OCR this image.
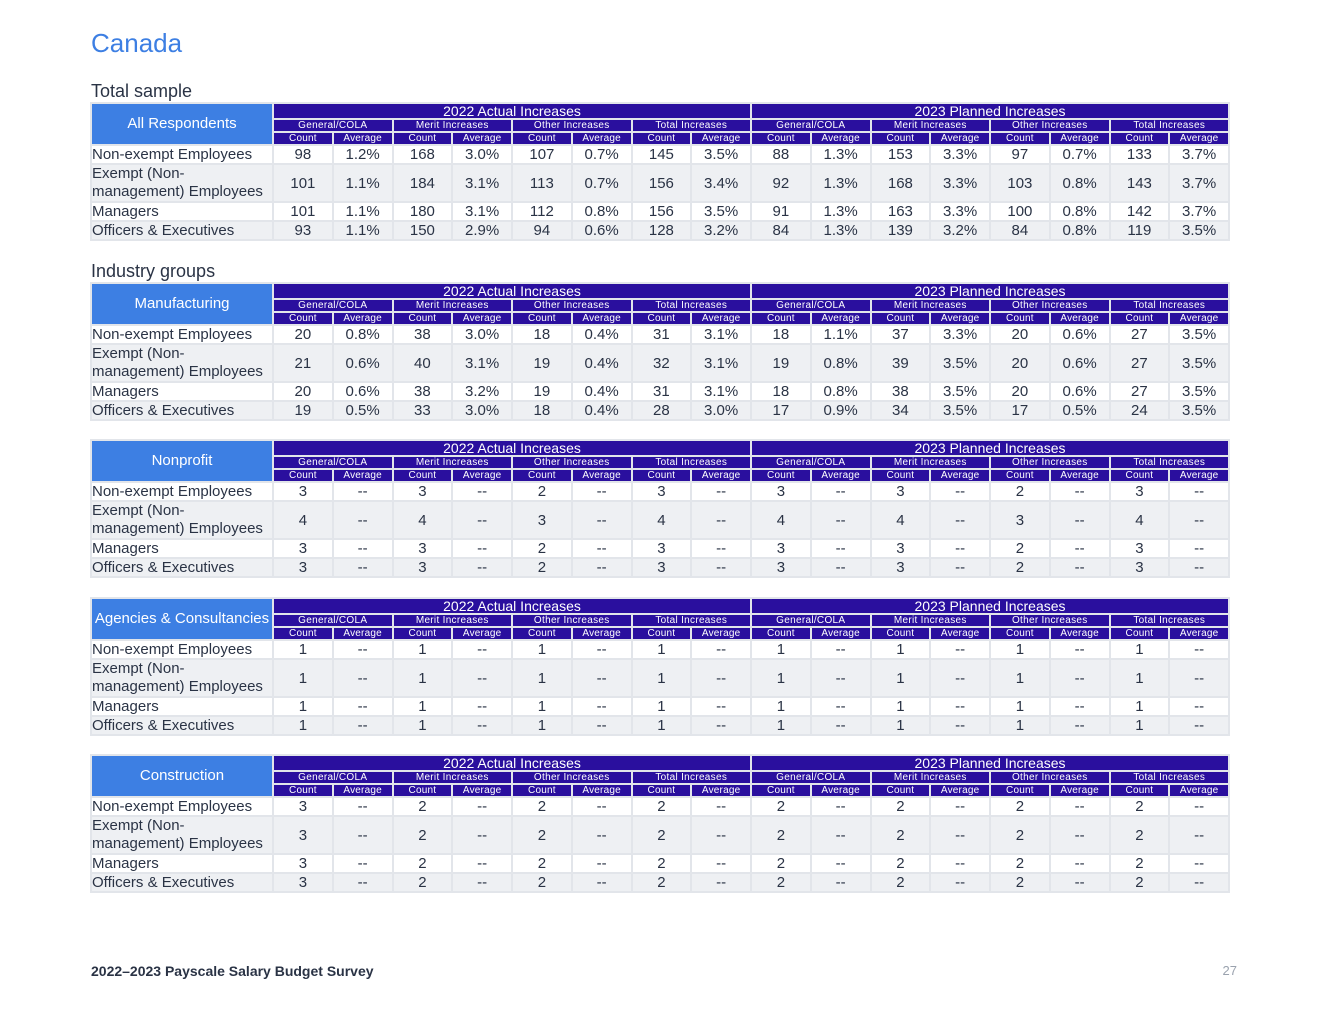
Canada
Total sample
Industry groups
All Respondents	2022 Actual Increases								2023 Planned Increases							
	General/COLA		Merit Increases		Other Increases		Total Increases		General/COLA		Merit Increases		Other Increases		Total Increases	
	Count	Average	Count	Average	Count	Average	Count	Average	Count	Average	Count	Average	Count	Average	Count	Average
Non-exempt Employees	98	1.2%	168	3.0%	107	0.7%	145	3.5%	88	1.3%	153	3.3%	97	0.7%	133	3.7%
Exempt (Non-management) Employees	101	1.1%	184	3.1%	113	0.7%	156	3.4%	92	1.3%	168	3.3%	103	0.8%	143	3.7%
Managers	101	1.1%	180	3.1%	112	0.8%	156	3.5%	91	1.3%	163	3.3%	100	0.8%	142	3.7%
Officers & Executives	93	1.1%	150	2.9%	94	0.6%	128	3.2%	84	1.3%	139	3.2%	84	0.8%	119	3.5%
Manufacturing	2022 Actual Increases								2023 Planned Increases							
	General/COLA		Merit Increases		Other Increases		Total Increases		General/COLA		Merit Increases		Other Increases		Total Increases	
	Count	Average	Count	Average	Count	Average	Count	Average	Count	Average	Count	Average	Count	Average	Count	Average
Non-exempt Employees	20	0.8%	38	3.0%	18	0.4%	31	3.1%	18	1.1%	37	3.3%	20	0.6%	27	3.5%
Exempt (Non-management) Employees	21	0.6%	40	3.1%	19	0.4%	32	3.1%	19	0.8%	39	3.5%	20	0.6%	27	3.5%
Managers	20	0.6%	38	3.2%	19	0.4%	31	3.1%	18	0.8%	38	3.5%	20	0.6%	27	3.5%
Officers & Executives	19	0.5%	33	3.0%	18	0.4%	28	3.0%	17	0.9%	34	3.5%	17	0.5%	24	3.5%
Nonprofit	2022 Actual Increases								2023 Planned Increases							
	General/COLA		Merit Increases		Other Increases		Total Increases		General/COLA		Merit Increases		Other Increases		Total Increases	
	Count	Average	Count	Average	Count	Average	Count	Average	Count	Average	Count	Average	Count	Average	Count	Average
Non-exempt Employees	3	--	3	--	2	--	3	--	3	--	3	--	2	--	3	--
Exempt (Non-management) Employees	4	--	4	--	3	--	4	--	4	--	4	--	3	--	4	--
Managers	3	--	3	--	2	--	3	--	3	--	3	--	2	--	3	--
Officers & Executives	3	--	3	--	2	--	3	--	3	--	3	--	2	--	3	--
Agencies & Consultancies	2022 Actual Increases								2023 Planned Increases							
	General/COLA		Merit Increases		Other Increases		Total Increases		General/COLA		Merit Increases		Other Increases		Total Increases	
	Count	Average	Count	Average	Count	Average	Count	Average	Count	Average	Count	Average	Count	Average	Count	Average
Non-exempt Employees	1	--	1	--	1	--	1	--	1	--	1	--	1	--	1	--
Exempt (Non-management) Employees	1	--	1	--	1	--	1	--	1	--	1	--	1	--	1	--
Managers	1	--	1	--	1	--	1	--	1	--	1	--	1	--	1	--
Officers & Executives	1	--	1	--	1	--	1	--	1	--	1	--	1	--	1	--
Construction	2022 Actual Increases								2023 Planned Increases							
	General/COLA		Merit Increases		Other Increases		Total Increases		General/COLA		Merit Increases		Other Increases		Total Increases	
	Count	Average	Count	Average	Count	Average	Count	Average	Count	Average	Count	Average	Count	Average	Count	Average
Non-exempt Employees	3	--	2	--	2	--	2	--	2	--	2	--	2	--	2	--
Exempt (Non-management) Employees	3	--	2	--	2	--	2	--	2	--	2	--	2	--	2	--
Managers	3	--	2	--	2	--	2	--	2	--	2	--	2	--	2	--
Officers & Executives	3	--	2	--	2	--	2	--	2	--	2	--	2	--	2	--
2022–2023 Payscale Salary Budget Survey	27
